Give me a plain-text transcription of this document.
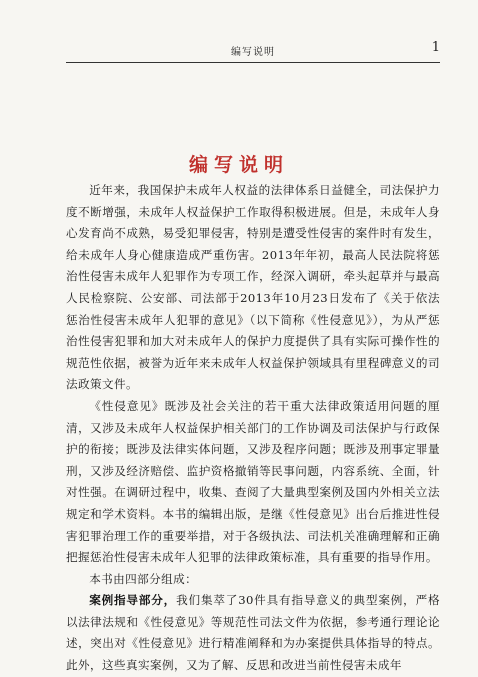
编写说明	1
编写说明

近年来，我国保护未成年人权益的法律体系日益健全，司法保护力度不断增强，未成年人权益保护工作取得积极进展。但是，未成年人身心发育尚不成熟，易受犯罪侵害，特别是遭受性侵害的案件时有发生，给未成年人身心健康造成严重伤害。2013年年初，最高人民法院将惩治性侵害未成年人犯罪作为专项工作，经深入调研，牵头起草并与最高人民检察院、公安部、司法部于2013年10月23日发布了《关于依法惩治性侵害未成年人犯罪的意见》（以下简称《性侵意见》），为从严惩治性侵害犯罪和加大对未成年人的保护力度提供了具有实际可操作性的规范性依据，被誉为近年来未成年人权益保护领域具有里程碑意义的司法政策文件。

《性侵意见》既涉及社会关注的若干重大法律政策适用问题的厘清，又涉及未成年人权益保护相关部门的工作协调及司法保护与行政保护的衔接；既涉及法律实体问题，又涉及程序问题；既涉及刑事定罪量刑，又涉及经济赔偿、监护资格撤销等民事问题，内容系统、全面，针对性强。在调研过程中，收集、查阅了大量典型案例及国内外相关立法规定和学术资料。本书的编辑出版，是继《性侵意见》出台后推进性侵害犯罪治理工作的重要举措，对于各级执法、司法机关准确理解和正确把握惩治性侵害未成年人犯罪的法律政策标准，具有重要的指导作用。

本书由四部分组成：

案例指导部分，我们集萃了30件具有指导意义的典型案例，严格以法律法规和《性侵意见》等规范性司法文件为依据，参考通行理论论述，突出对《性侵意见》进行精准阐释和为办案提供具体指导的特点。此外，这些真实案例，又为了解、反思和改进当前性侵害未成年
